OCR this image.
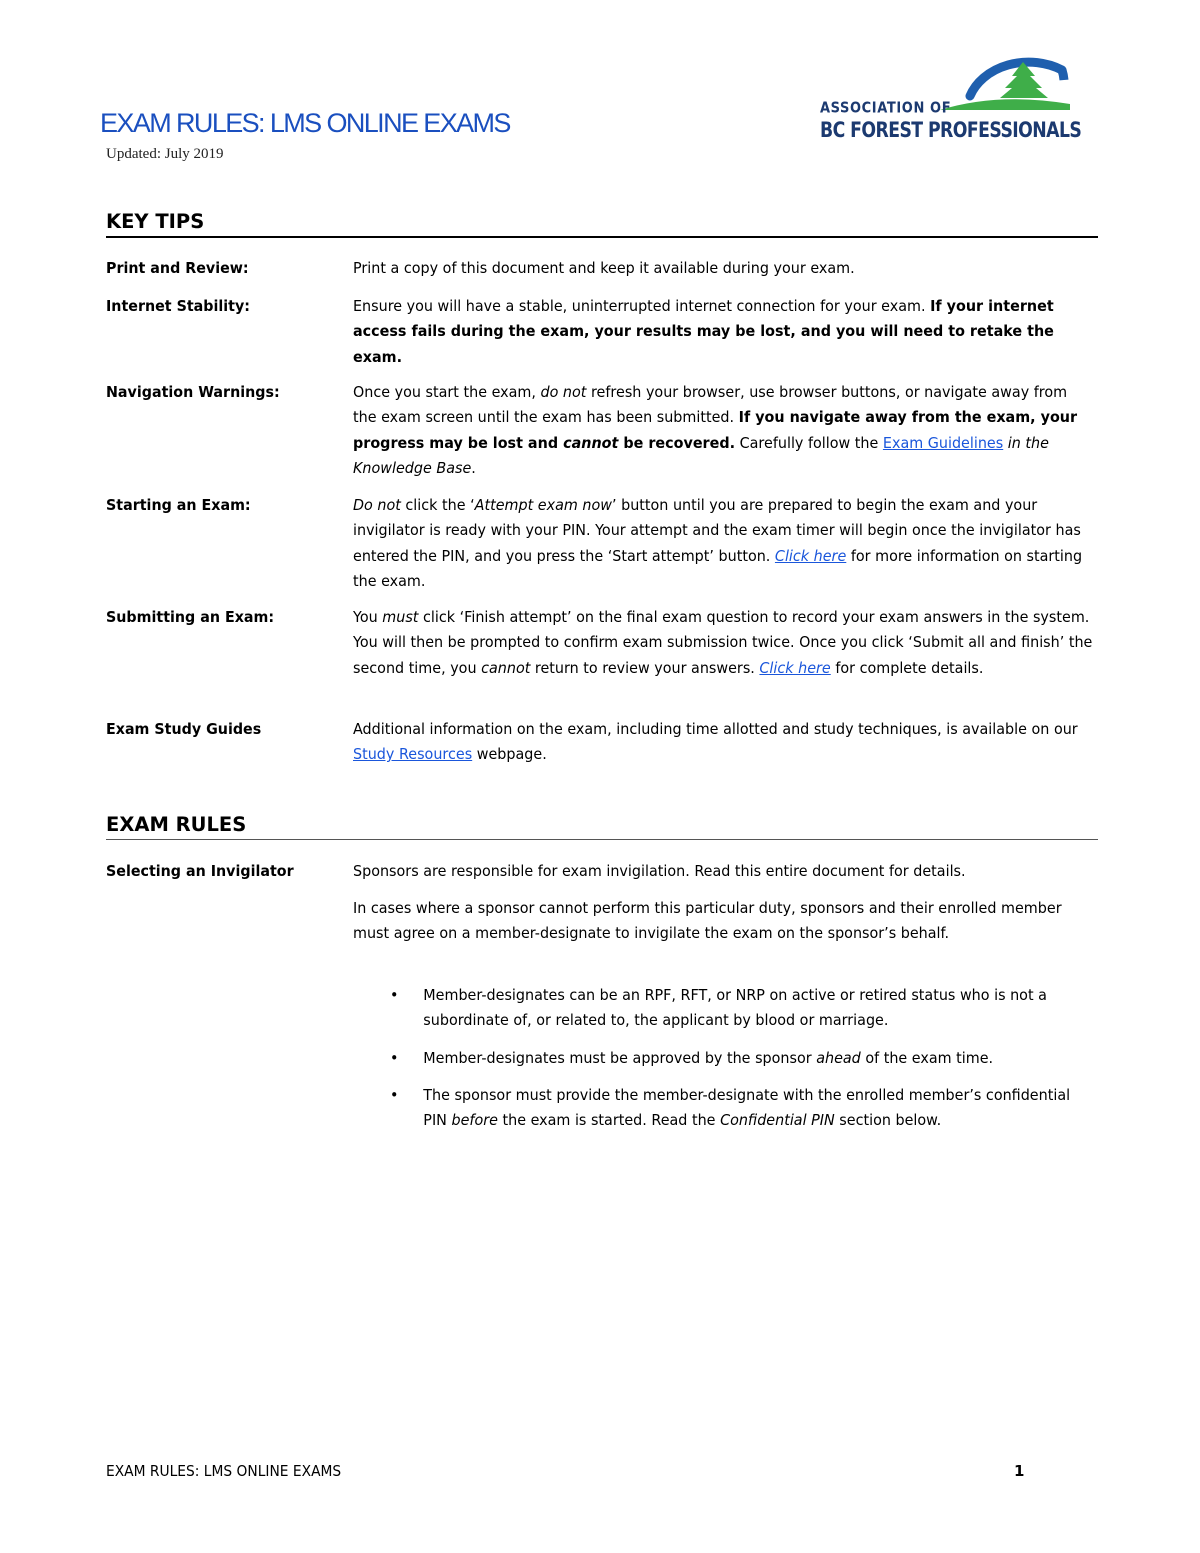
EXAM RULES: LMS ONLINE EXAMS
Updated: July 2019
ASSOCIATION OF
BC FOREST PROFESSIONALS
KEY TIPS
Print and Review:	Print a copy of this document and keep it available during your exam.
Internet Stability:	Ensure you will have a stable, uninterrupted internet connection for your exam. If your internet access fails during the exam, your results may be lost, and you will need to retake the exam.
Navigation Warnings:	Once you start the exam, do not refresh your browser, use browser buttons, or navigate away from the exam screen until the exam has been submitted. If you navigate away from the exam, your progress may be lost and cannot be recovered. Carefully follow the Exam Guidelines in the Knowledge Base.
Starting an Exam:	Do not click the ‘Attempt exam now’ button until you are prepared to begin the exam and your invigilator is ready with your PIN. Your attempt and the exam timer will begin once the invigilator has entered the PIN, and you press the ‘Start attempt’ button. Click here for more information on starting the exam.
Submitting an Exam:	You must click ‘Finish attempt’ on the final exam question to record your exam answers in the system. You will then be prompted to confirm exam submission twice. Once you click ‘Submit all and finish’ the second time, you cannot return to review your answers. Click here for complete details.
Exam Study Guides	Additional information on the exam, including time allotted and study techniques, is available on our Study Resources webpage.
EXAM RULES
Selecting an Invigilator	Sponsors are responsible for exam invigilation. Read this entire document for details.
In cases where a sponsor cannot perform this particular duty, sponsors and their enrolled member must agree on a member-designate to invigilate the exam on the sponsor’s behalf.
• Member-designates can be an RPF, RFT, or NRP on active or retired status who is not a subordinate of, or related to, the applicant by blood or marriage.
• Member-designates must be approved by the sponsor ahead of the exam time.
• The sponsor must provide the member-designate with the enrolled member’s confidential PIN before the exam is started. Read the Confidential PIN section below.
EXAM RULES: LMS ONLINE EXAMS	1
